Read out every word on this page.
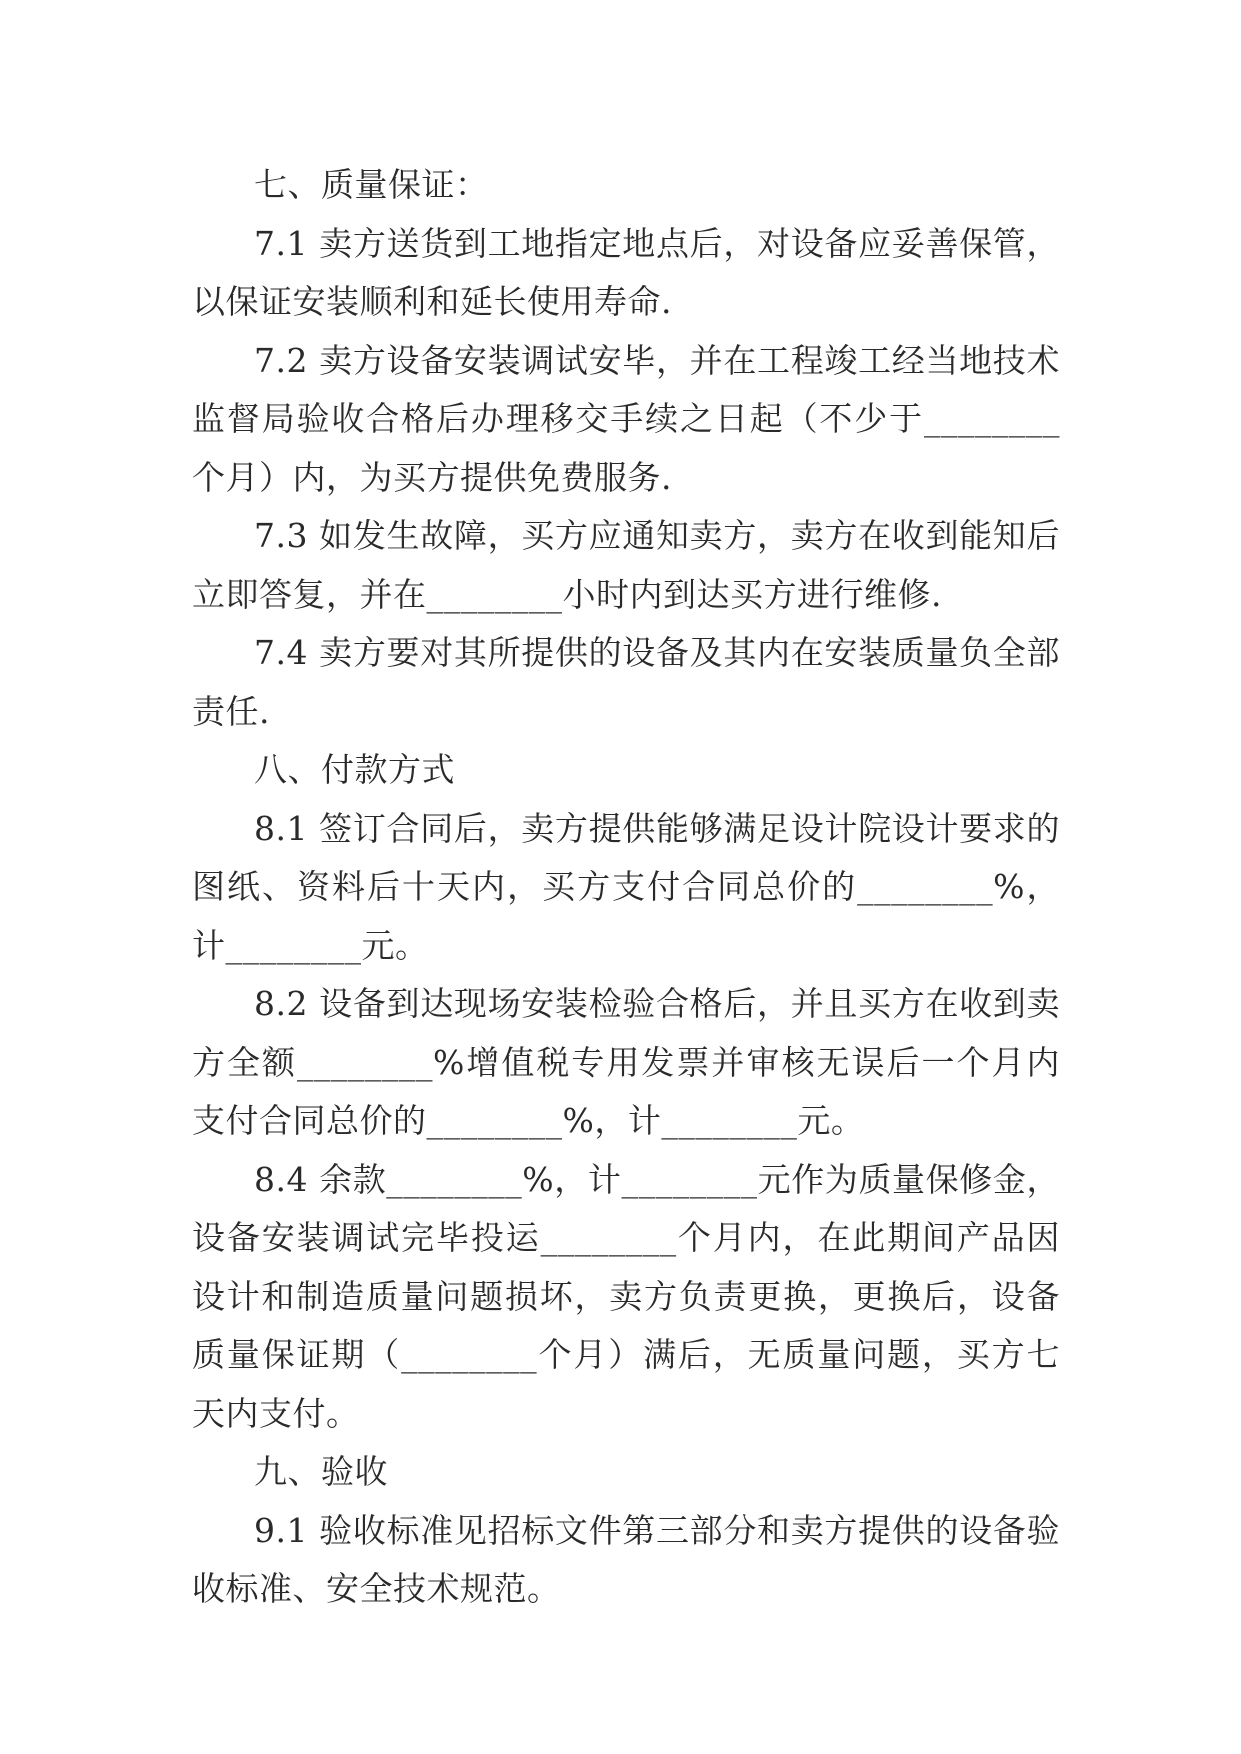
七、质量保证：

7.1 卖方送货到工地指定地点后，对设备应妥善保管，以保证安装顺利和延长使用寿命.

7.2 卖方设备安装调试安毕，并在工程竣工经当地技术监督局验收合格后办理移交手续之日起（不少于________个月）内，为买方提供免费服务.

7.3 如发生故障，买方应通知卖方，卖方在收到能知后立即答复，并在________小时内到达买方进行维修.

7.4 卖方要对其所提供的设备及其内在安装质量负全部责任.

八、付款方式

8.1 签订合同后，卖方提供能够满足设计院设计要求的图纸、资料后十天内，买方支付合同总价的________%，计________元。

8.2 设备到达现场安装检验合格后，并且买方在收到卖方全额________%增值税专用发票并审核无误后一个月内支付合同总价的________%，计________元。

8.4 余款________%，计________元作为质量保修金，设备安装调试完毕投运________个月内，在此期间产品因设计和制造质量问题损坏，卖方负责更换，更换后，设备质量保证期（________个月）满后，无质量问题，买方七天内支付。

九、验收

9.1 验收标准见招标文件第三部分和卖方提供的设备验收标准、安全技术规范。
